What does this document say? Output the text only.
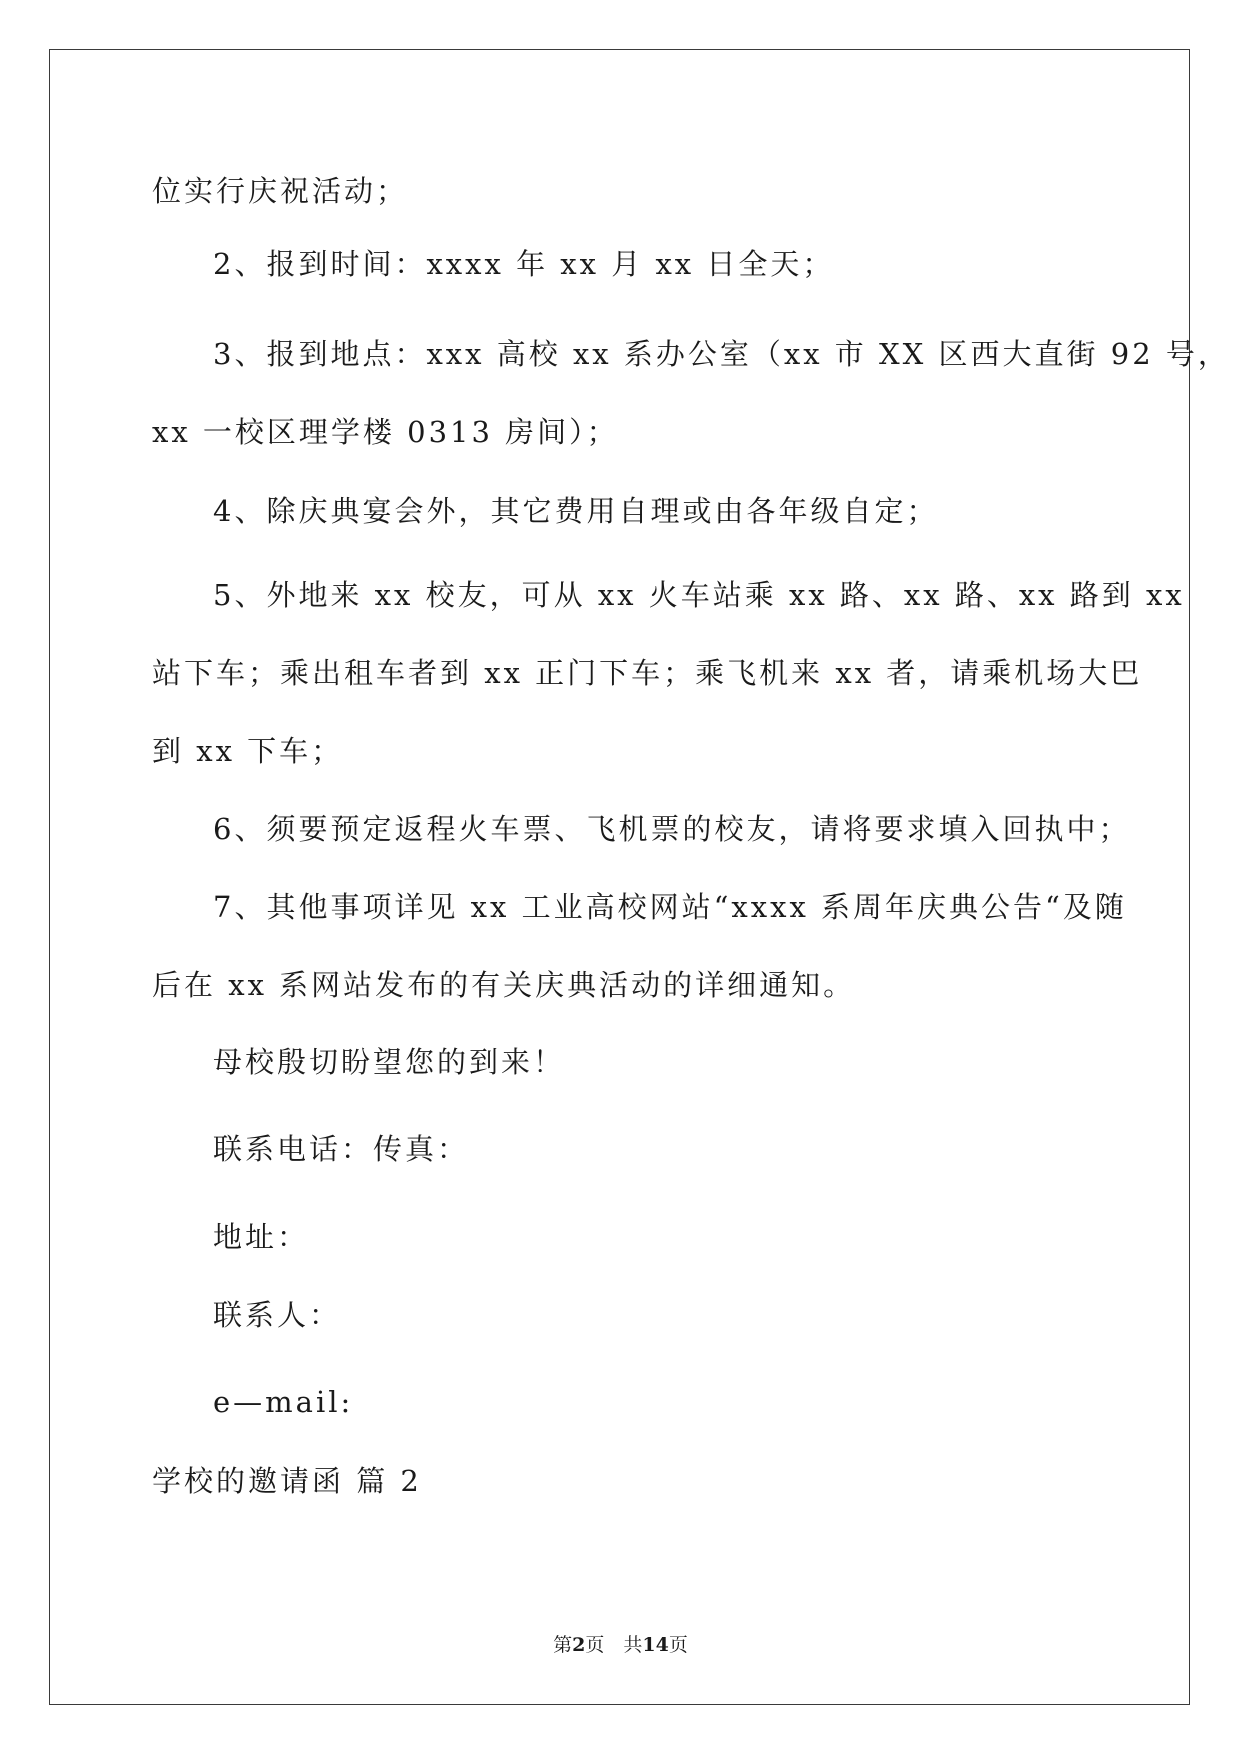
位实行庆祝活动；
2、报到时间：xxxx 年 xx 月 xx 日全天；
3、报到地点：xxx 高校 xx 系办公室（xx 市 XX 区西大直街 92 号，
xx 一校区理学楼 0313 房间）；
4、除庆典宴会外，其它费用自理或由各年级自定；
5、外地来 xx 校友，可从 xx 火车站乘 xx 路、xx 路、xx 路到 xx
站下车；乘出租车者到 xx 正门下车；乘飞机来 xx 者，请乘机场大巴
到 xx 下车；
6、须要预定返程火车票、飞机票的校友，请将要求填入回执中；
7、其他事项详见 xx 工业高校网站“xxxx 系周年庆典公告“及随
后在 xx 系网站发布的有关庆典活动的详细通知。
母校殷切盼望您的到来！
联系电话：传真：
地址：
联系人：
e—mail:
学校的邀请函 篇 2
第2页　共14页
